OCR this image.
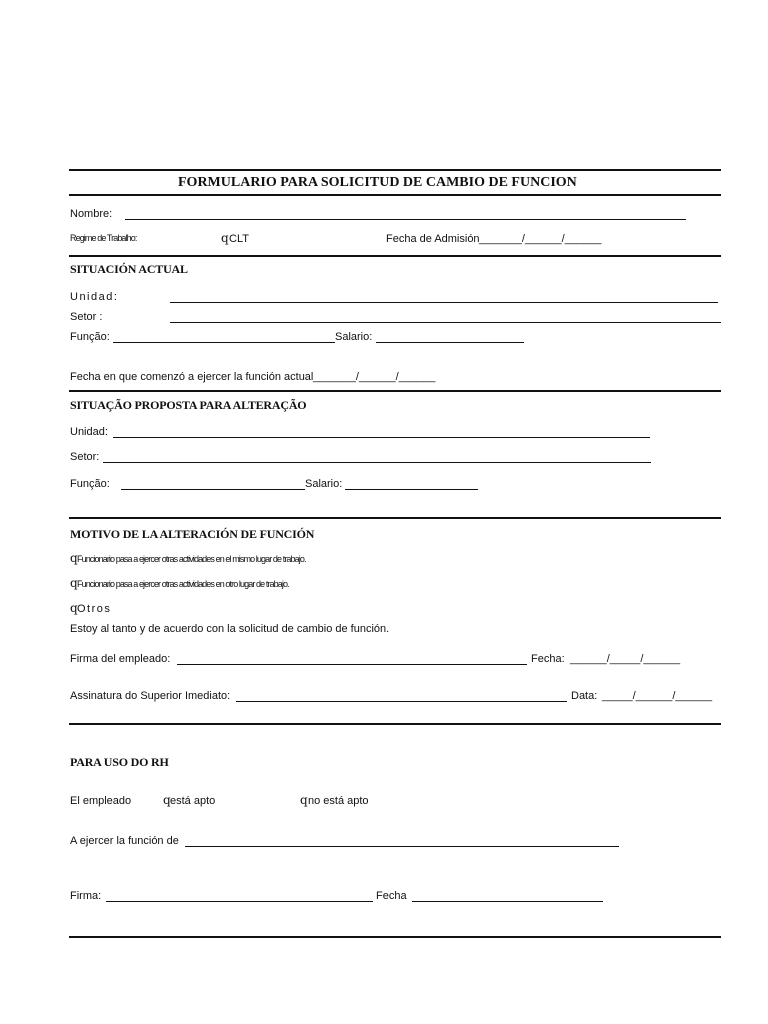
FORMULARIO PARA SOLICITUD DE CAMBIO DE FUNCION
Nombre:
Regime de Trabalho:	q CLT	Fecha de Admisión _______/______/______
SITUACIÓN ACTUAL
Unidad:
Setor :
Função:	Salario:
Fecha en que comenzó a ejercer la función actual _______/______/______
SITUAÇÃO PROPOSTA PARA ALTERAÇÃO
Unidad:
Setor:
Função:	Salario:
MOTIVO DE LA ALTERACIÓN DE FUNCIÓN
q Funcionario pasa a ejercer otras actividades en el mismo lugar de trabajo.
q Funcionario pasa a ejercer otras actividades en otro lugar de trabajo.
q Otros
Estoy al tanto y de acuerdo con la solicitud de cambio de función.
Firma del empleado:	Fecha: ______/_____/______
Assinatura do Superior Imediato:	Data: _____/______/______
PARA USO DO RH
El empleado	q está apto	q no está apto
A ejercer la función de
Firma:	Fecha
